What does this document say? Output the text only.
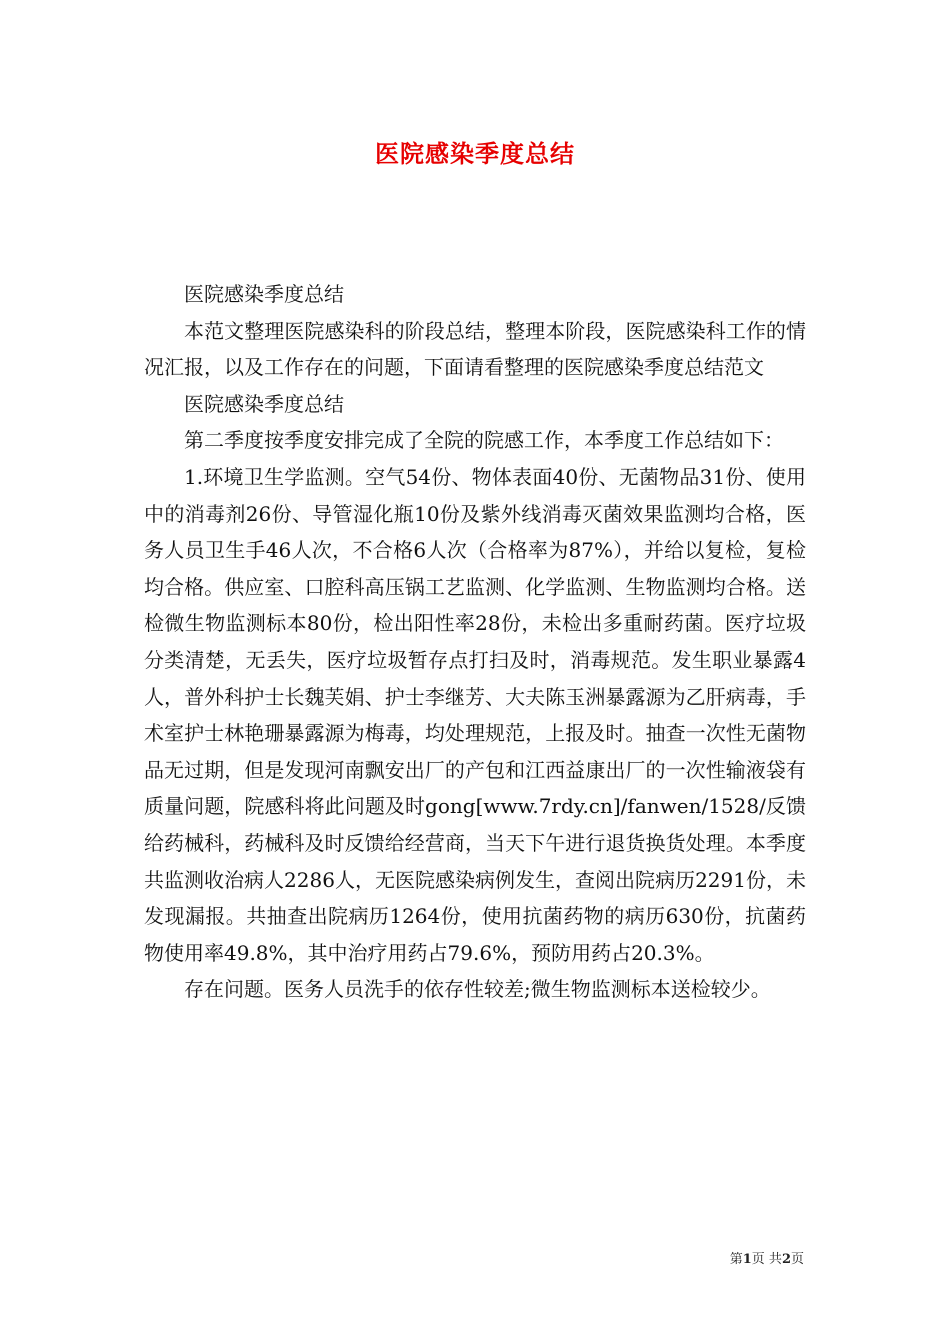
医院感染季度总结

医院感染季度总结

本范文整理医院感染科的阶段总结，整理本阶段，医院感染科工作的情况汇报，以及工作存在的问题，下面请看整理的医院感染季度总结范文

医院感染季度总结

第二季度按季度安排完成了全院的院感工作，本季度工作总结如下：

1.环境卫生学监测。空气54份、物体表面40份、无菌物品31份、使用中的消毒剂26份、导管湿化瓶10份及紫外线消毒灭菌效果监测均合格，医务人员卫生手46人次，不合格6人次（合格率为87%），并给以复检，复检均合格。供应室、口腔科高压锅工艺监测、化学监测、生物监测均合格。送检微生物监测标本80份，检出阳性率28份，未检出多重耐药菌。医疗垃圾分类清楚，无丢失，医疗垃圾暂存点打扫及时，消毒规范。发生职业暴露4人，普外科护士长魏芙娟、护士李继芳、大夫陈玉洲暴露源为乙肝病毒，手术室护士林艳珊暴露源为梅毒，均处理规范，上报及时。抽查一次性无菌物品无过期，但是发现河南飘安出厂的产包和江西益康出厂的一次性输液袋有质量问题，院感科将此问题及时gong[www.7rdy.cn]/fanwen/1528/反馈给药械科，药械科及时反馈给经营商，当天下午进行退货换货处理。本季度共监测收治病人2286人，无医院感染病例发生，查阅出院病历2291份，未发现漏报。共抽查出院病历1264份，使用抗菌药物的病历630份，抗菌药物使用率49.8%，其中治疗用药占79.6%，预防用药占20.3%。

存在问题。医务人员洗手的依存性较差;微生物监测标本送检较少。

第1页 共2页
